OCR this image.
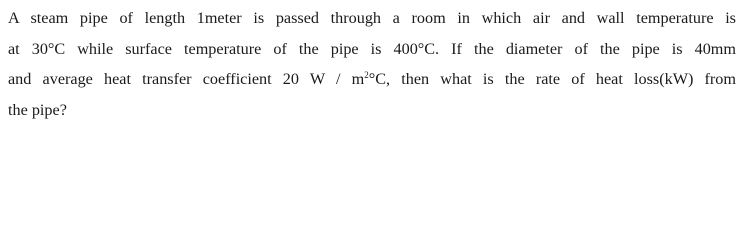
A steam pipe of length 1meter is passed through a room in which air and wall temperature is
at 30°C while surface temperature of the pipe is 400°C. If the diameter of the pipe is 40mm
and average heat transfer coefficient 20 W / $m^2^\circ C$, then what is the rate of heat loss(kW) from
the pipe?
